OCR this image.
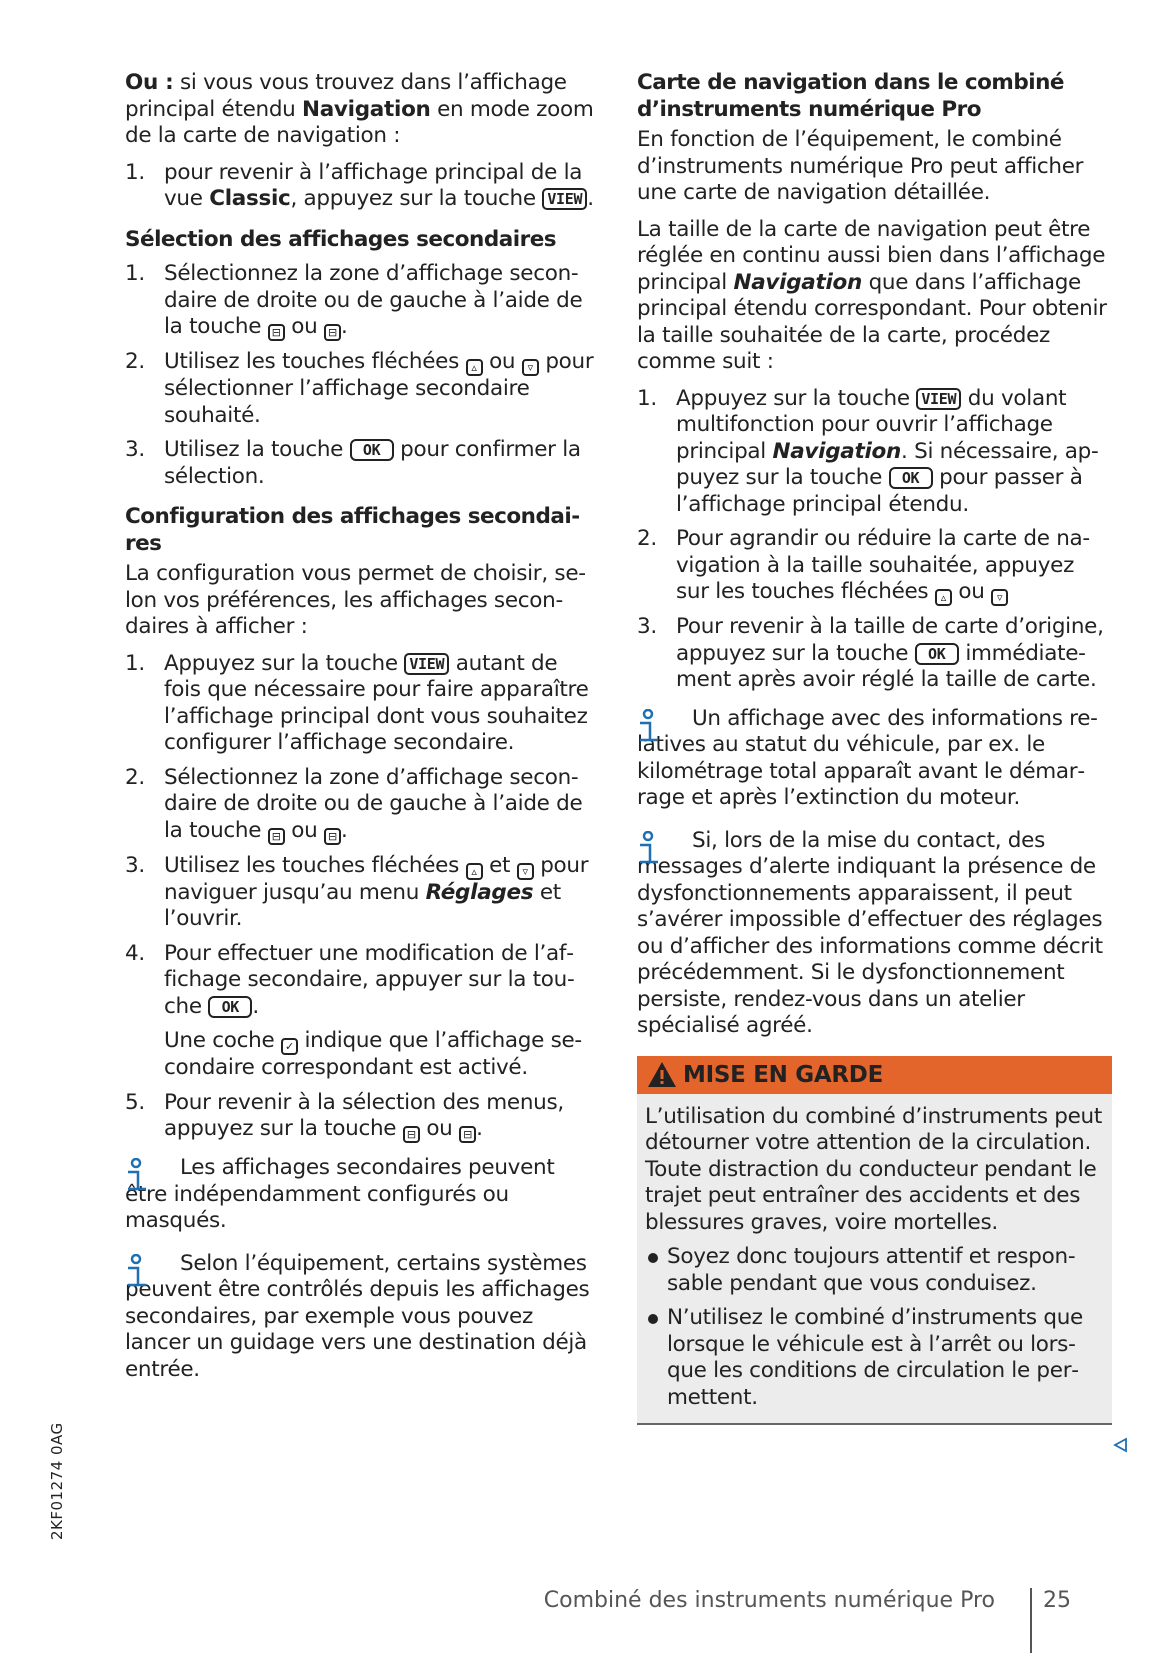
Ou : si vous vous trouvez dans l’affichage principal étendu Navigation en mode zoom de la carte de navigation :

1. pour revenir à l’affichage principal de la vue Classic, appuyez sur la touche VIEW .
Sélection des affichages secondaires
1. Sélectionnez la zone d’affichage secondaire de droite ou de gauche à l’aide de la touche ⊟ ou ⊟ .
2. Utilisez les touches fléchées ▵ ou ▿ pour sélectionner l’affichage secondaire souhaité.
3. Utilisez la touche OK pour confirmer la sélection.
Configuration des affichages secondaires

La configuration vous permet de choisir, selon vos préférences, les affichages secondaires à afficher :

1. Appuyez sur la touche VIEW autant de fois que nécessaire pour faire apparaître l’affichage principal dont vous souhaitez configurer l’affichage secondaire.
2. Sélectionnez la zone d’affichage secondaire de droite ou de gauche à l’aide de la touche ⊟ ou ⊟ .
3. Utilisez les touches fléchées ▵ et ▿ pour naviguer jusqu’au menu Réglages et l’ouvrir.
4. Pour effectuer une modification de l’affichage secondaire, appuyer sur la touche OK .
Une coche ✓ indique que l’affichage secondaire correspondant est activé.
5. Pour revenir à la sélection des menus, appuyez sur la touche ⊟ ou ⊟ .
Les affichages secondaires peuvent être indépendamment configurés ou masqués.
Selon l’équipement, certains systèmes peuvent être contrôlés depuis les affichages secondaires, par exemple vous pouvez lancer un guidage vers une destination déjà entrée.
Carte de navigation dans le combiné d’instruments numérique Pro

En fonction de l’équipement, le combiné d’instruments numérique Pro peut afficher une carte de navigation détaillée.

La taille de la carte de navigation peut être réglée en continu aussi bien dans l’affichage principal Navigation que dans l’affichage principal étendu correspondant. Pour obtenir la taille souhaitée de la carte, procédez comme suit :

1. Appuyez sur la touche VIEW du volant multifonction pour ouvrir l’affichage principal Navigation. Si nécessaire, appuyez sur la touche OK pour passer à l’affichage principal étendu.
2. Pour agrandir ou réduire la carte de navigation à la taille souhaitée, appuyez sur les touches fléchées ▵ ou ▿
3. Pour revenir à la taille de carte d’origine, appuyez sur la touche OK immédiatement après avoir réglé la taille de carte.
Un affichage avec des informations relatives au statut du véhicule, par ex. le kilométrage total apparaît avant le démarrage et après l’extinction du moteur.
Si, lors de la mise du contact, des messages d’alerte indiquant la présence de dysfonctionnements apparaissent, il peut s’avérer impossible d’effectuer des réglages ou d’afficher des informations comme décrit précédemment. Si le dysfonctionnement persiste, rendez-vous dans un atelier spécialisé agréé.
MISE EN GARDE

L’utilisation du combiné d’instruments peut détourner votre attention de la circulation. Toute distraction du conducteur pendant le trajet peut entraîner des accidents et des blessures graves, voire mortelles.

Soyez donc toujours attentif et responsable pendant que vous conduisez.
N’utilisez le combiné d’instruments que lorsque le véhicule est à l’arrêt ou lorsque les conditions de circulation le permettent.
2KF01274 0AG
Combiné des instruments numérique Pro 25
